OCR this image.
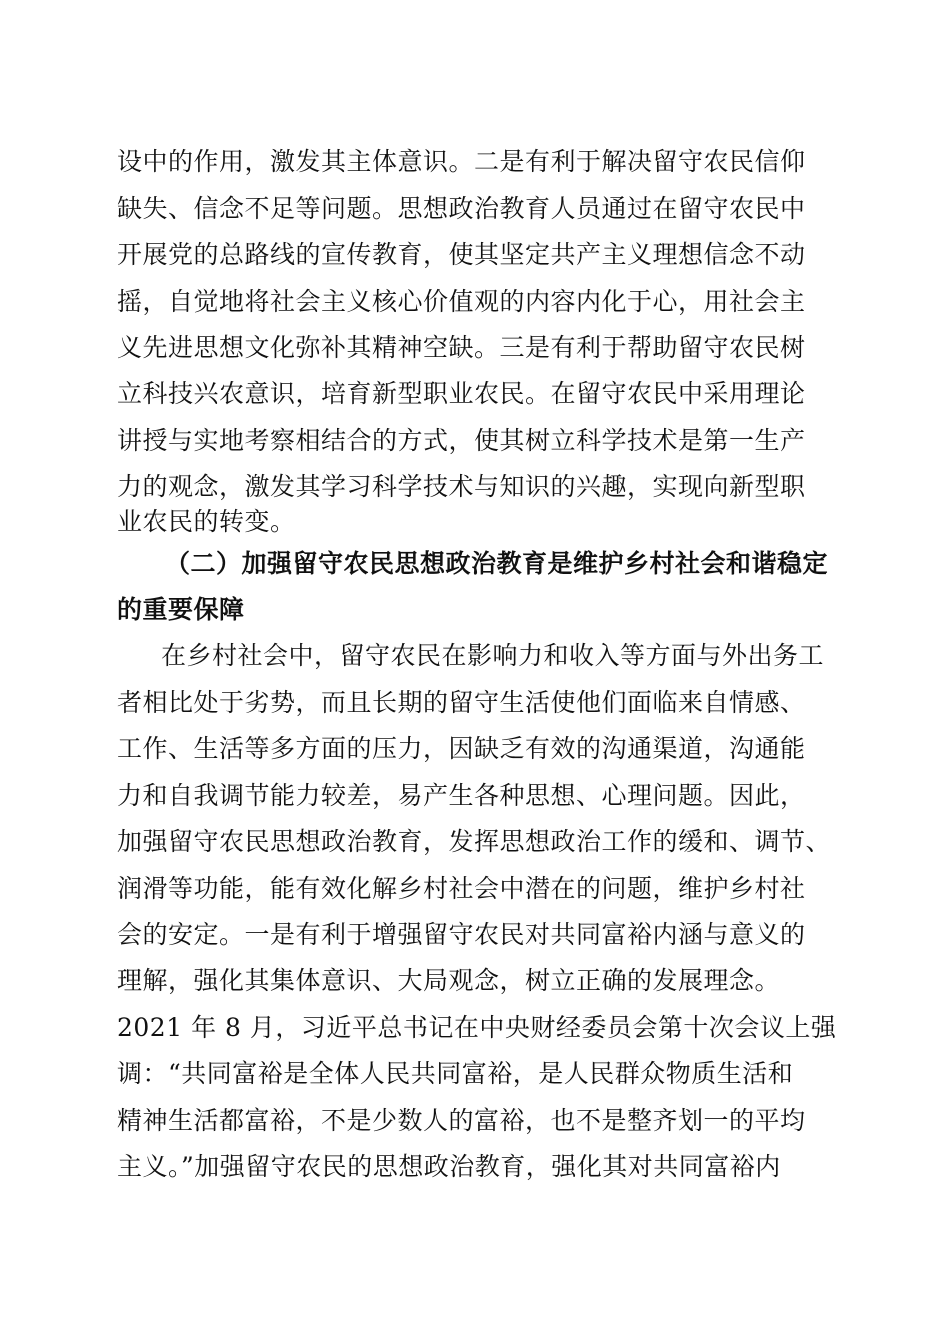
设中的作用，激发其主体意识。二是有利于解决留守农民信仰
缺失、信念不足等问题。思想政治教育人员通过在留守农民中
开展党的总路线的宣传教育，使其坚定共产主义理想信念不动
摇，自觉地将社会主义核心价值观的内容内化于心，用社会主
义先进思想文化弥补其精神空缺。三是有利于帮助留守农民树
立科技兴农意识，培育新型职业农民。在留守农民中采用理论
讲授与实地考察相结合的方式，使其树立科学技术是第一生产
力的观念，激发其学习科学技术与知识的兴趣，实现向新型职
业农民的转变。
（二）加强留守农民思想政治教育是维护乡村社会和谐稳定
的重要保障
在乡村社会中，留守农民在影响力和收入等方面与外出务工
者相比处于劣势，而且长期的留守生活使他们面临来自情感、
工作、生活等多方面的压力，因缺乏有效的沟通渠道，沟通能
力和自我调节能力较差，易产生各种思想、心理问题。因此，
加强留守农民思想政治教育，发挥思想政治工作的缓和、调节、
润滑等功能，能有效化解乡村社会中潜在的问题，维护乡村社
会的安定。一是有利于增强留守农民对共同富裕内涵与意义的
理解，强化其集体意识、大局观念，树立正确的发展理念。
2021 年 8 月，习近平总书记在中央财经委员会第十次会议上强
调：“共同富裕是全体人民共同富裕，是人民群众物质生活和
精神生活都富裕，不是少数人的富裕，也不是整齐划一的平均
主义。”加强留守农民的思想政治教育，强化其对共同富裕内
